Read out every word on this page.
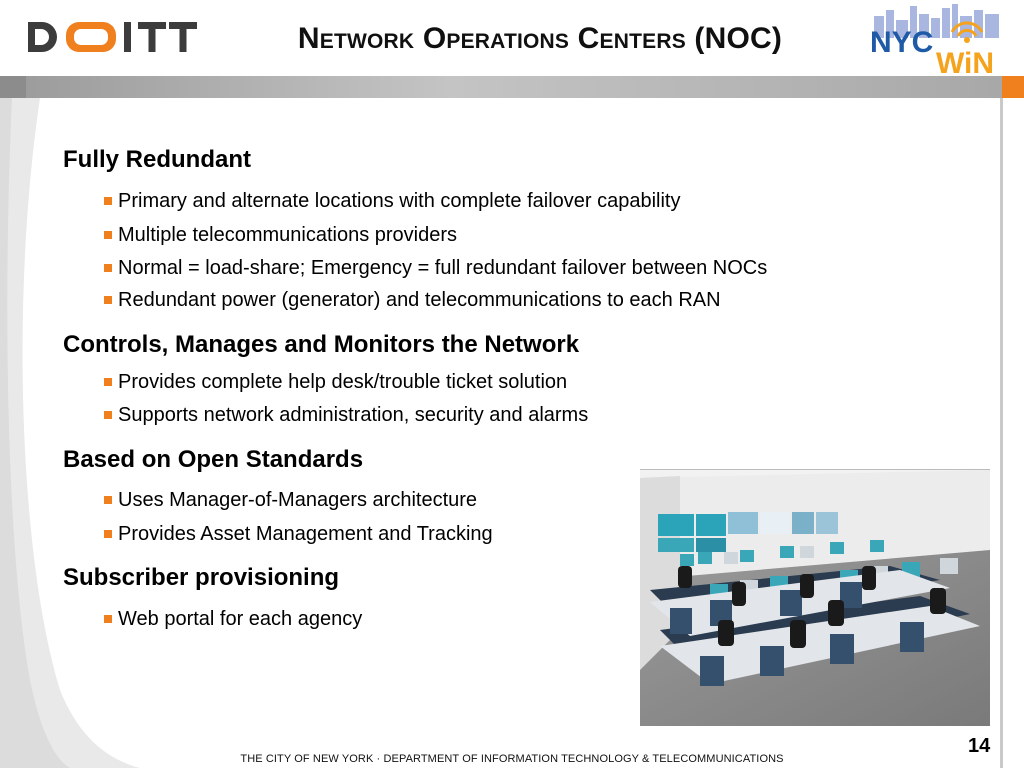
Network Operations Centers (NOC)	NYC
WiN
Fully Redundant
Primary and alternate locations with complete failover capability
Multiple telecommunications providers
Normal = load-share; Emergency = full redundant failover between NOCs
Redundant power (generator) and telecommunications to each RAN
Controls, Manages and Monitors the Network
Provides complete help desk/trouble ticket solution
Supports network administration, security and alarms
Based on Open Standards
Uses Manager-of-Managers architecture
Provides Asset Management and Tracking
Subscriber provisioning
Web portal for each agency
14
THE CITY OF NEW YORK · DEPARTMENT OF INFORMATION TECHNOLOGY & TELECOMMUNICATIONS
